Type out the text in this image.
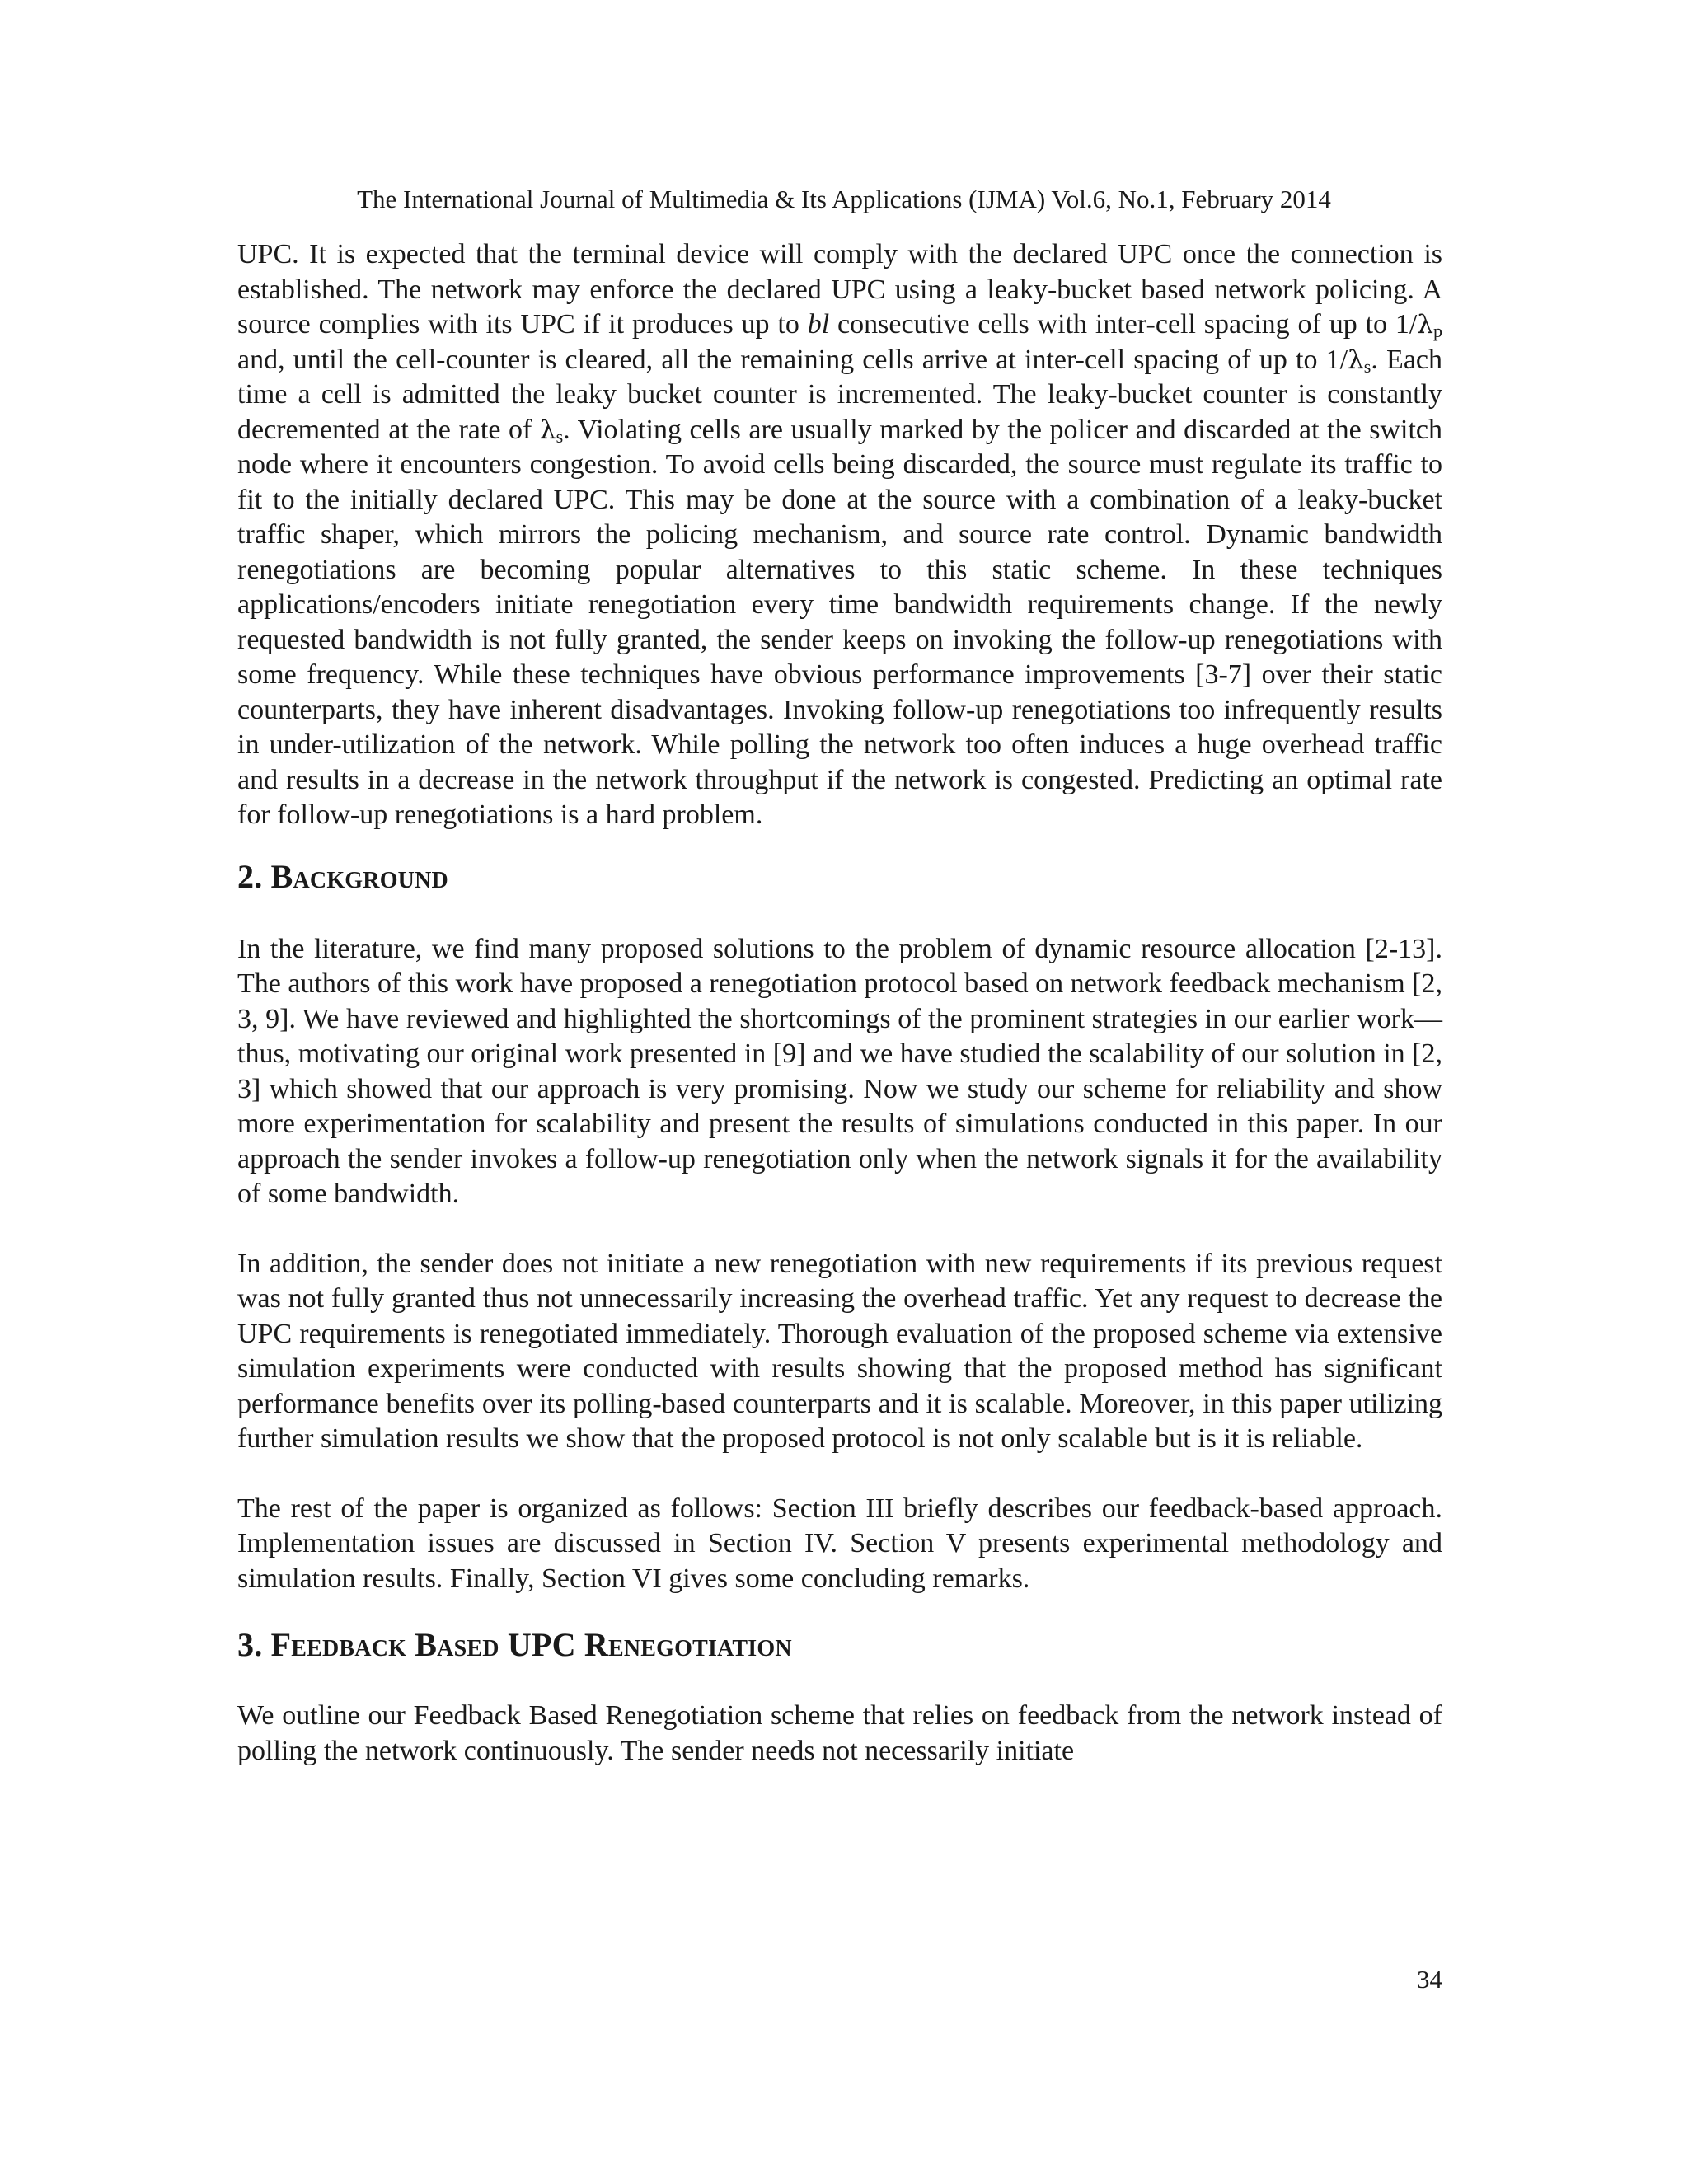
The International Journal of Multimedia & Its Applications (IJMA) Vol.6, No.1, February 2014

UPC. It is expected that the terminal device will comply with the declared UPC once the connection is established. The network may enforce the declared UPC using a leaky-bucket based network policing. A source complies with its UPC if it produces up to bl consecutive cells with inter-cell spacing of up to $1/\lambda_p$ and, until the cell-counter is cleared, all the remaining cells arrive at inter-cell spacing of up to $1/\lambda_s$. Each time a cell is admitted the leaky bucket counter is incremented. The leaky-bucket counter is constantly decremented at the rate of $\lambda_s$. Violating cells are usually marked by the policer and discarded at the switch node where it encounters congestion. To avoid cells being discarded, the source must regulate its traffic to fit to the initially declared UPC. This may be done at the source with a combination of a leaky-bucket traffic shaper, which mirrors the policing mechanism, and source rate control. Dynamic bandwidth renegotiations are becoming popular alternatives to this static scheme. In these techniques applications/encoders initiate renegotiation every time bandwidth requirements change. If the newly requested bandwidth is not fully granted, the sender keeps on invoking the follow-up renegotiations with some frequency. While these techniques have obvious performance improvements [3-7] over their static counterparts, they have inherent disadvantages. Invoking follow-up renegotiations too infrequently results in under-utilization of the network. While polling the network too often induces a huge overhead traffic and results in a decrease in the network throughput if the network is congested. Predicting an optimal rate for follow-up renegotiations is a hard problem.

2. Background

In the literature, we find many proposed solutions to the problem of dynamic resource allocation [2-13]. The authors of this work have proposed a renegotiation protocol based on network feedback mechanism [2, 3, 9]. We have reviewed and highlighted the shortcomings of the prominent strategies in our earlier work— thus, motivating our original work presented in [9] and we have studied the scalability of our solution in [2, 3] which showed that our approach is very promising. Now we study our scheme for reliability and show more experimentation for scalability and present the results of simulations conducted in this paper. In our approach the sender invokes a follow-up renegotiation only when the network signals it for the availability of some bandwidth.

In addition, the sender does not initiate a new renegotiation with new requirements if its previous request was not fully granted thus not unnecessarily increasing the overhead traffic. Yet any request to decrease the UPC requirements is renegotiated immediately. Thorough evaluation of the proposed scheme via extensive simulation experiments were conducted with results showing that the proposed method has significant performance benefits over its polling-based counterparts and it is scalable. Moreover, in this paper utilizing further simulation results we show that the proposed protocol is not only scalable but is it is reliable.

The rest of the paper is organized as follows: Section III briefly describes our feedback-based approach. Implementation issues are discussed in Section IV. Section V presents experimental methodology and simulation results. Finally, Section VI gives some concluding remarks.

3. Feedback Based UPC Renegotiation

We outline our Feedback Based Renegotiation scheme that relies on feedback from the network instead of polling the network continuously. The sender needs not necessarily initiate

34
